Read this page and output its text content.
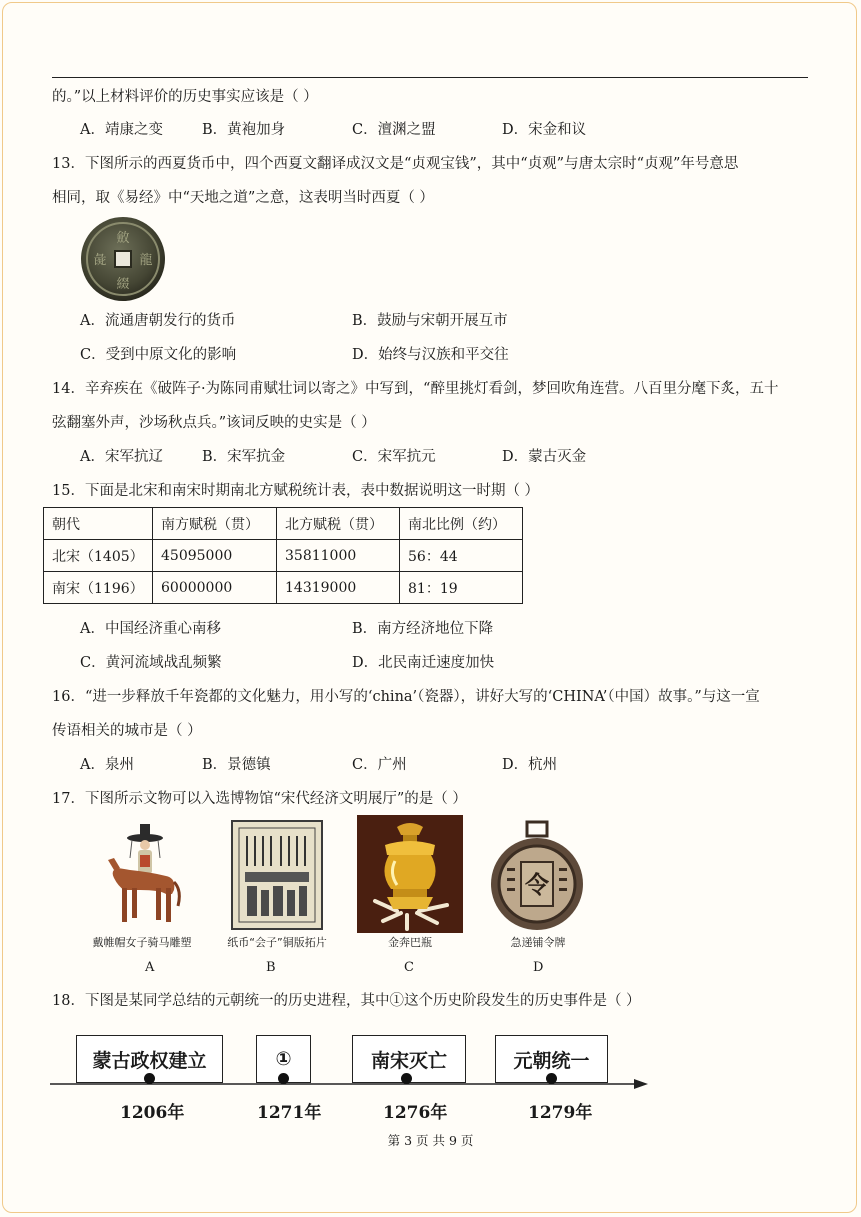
的。”以上材料评价的历史事实应该是（ ）
A．靖康之变	B．黄袍加身	C．澶渊之盟	D．宋金和议
13．下图所示的西夏货币中，四个西夏文翻译成汉文是“贞观宝钱”，其中“贞观”与唐太宗时“贞观”年号意思
相同，取《易经》中“天地之道”之意，这表明当时西夏（ ）
斂
綴
彘	龍
A．流通唐朝发行的货币	B．鼓励与宋朝开展互市
C．受到中原文化的影响	D．始终与汉族和平交往
14．辛弃疾在《破阵子·为陈同甫赋壮词以寄之》中写到，“醉里挑灯看剑，梦回吹角连营。八百里分麾下炙，五十
弦翻塞外声，沙场秋点兵。”该词反映的史实是（ ）
A．宋军抗辽	B．宋军抗金	C．宋军抗元	D．蒙古灭金
15．下面是北宋和南宋时期南北方赋税统计表，表中数据说明这一时期（ ）
朝代	南方赋税（贯）	北方赋税（贯）	南北比例（约）
北宋（1405）	45095000	35811000	56：44
南宋（1196）	60000000	14319000	81：19
A．中国经济重心南移	B．南方经济地位下降
C．黄河流域战乱频繁	D．北民南迁速度加快
16．“进一步释放千年瓷都的文化魅力，用小写的‘china’（瓷器），讲好大写的‘CHINA’（中国）故事。”与这一宣
传语相关的城市是（ ）
A．泉州	B．景德镇	C．广州	D．杭州
17．下图所示文物可以入选博物馆“宋代经济文明展厅”的是（ ）
戴帷帽女子骑马雕塑
A
纸币“会子”铜版拓片
B
金奔巴瓶
C
令
急递铺令牌
D
18．下图是某同学总结的元朝统一的历史进程，其中①这个历史阶段发生的历史事件是（ ）
蒙古政权建立
1206年
①
1271年
南宋灭亡
1276年
元朝统一
1279年
第 3 页 共 9 页
